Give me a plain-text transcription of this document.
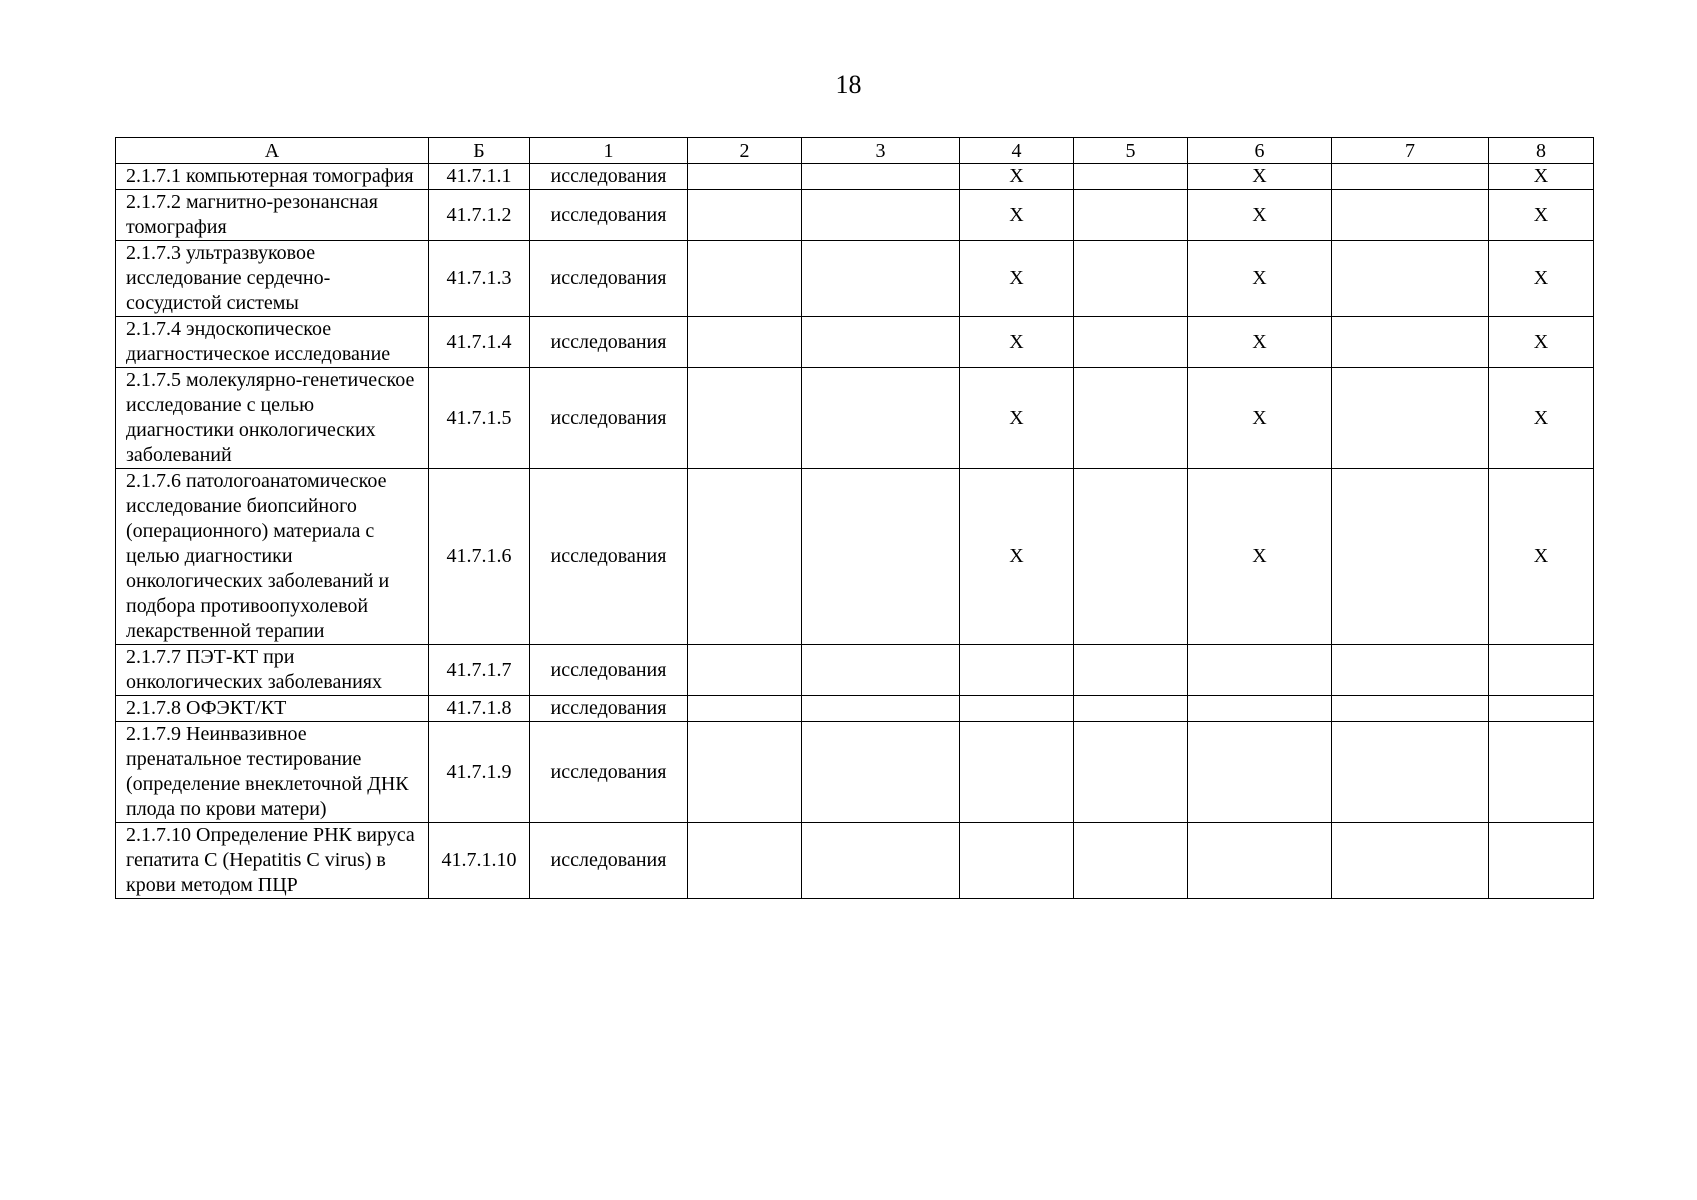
18
А	Б	1	2	3	4	5	6	7	8
2.1.7.1 компьютерная томография	41.7.1.1	исследования			X		X		X
2.1.7.2 магнитно-резонансная томография	41.7.1.2	исследования			X		X		X
2.1.7.3 ультразвуковое исследование сердечно-сосудистой системы	41.7.1.3	исследования			X		X		X
2.1.7.4 эндоскопическое диагностическое исследование	41.7.1.4	исследования			X		X		X
2.1.7.5 молекулярно-генетическое исследование с целью диагностики онкологических заболеваний	41.7.1.5	исследования			X		X		X
2.1.7.6 патологоанатомическое исследование биопсийного (операционного) материала с целью диагностики онкологических заболеваний и подбора противоопухолевой лекарственной терапии	41.7.1.6	исследования			X		X		X
2.1.7.7 ПЭТ-КТ при онкологических заболеваниях	41.7.1.7	исследования							
2.1.7.8 ОФЭКТ/КТ	41.7.1.8	исследования							
2.1.7.9 Неинвазивное пренатальное тестирование (определение внеклеточной ДНК плода по крови матери)	41.7.1.9	исследования							
2.1.7.10 Определение РНК вируса гепатита С (Hepatitis C virus) в крови методом ПЦР	41.7.1.10	исследования							
